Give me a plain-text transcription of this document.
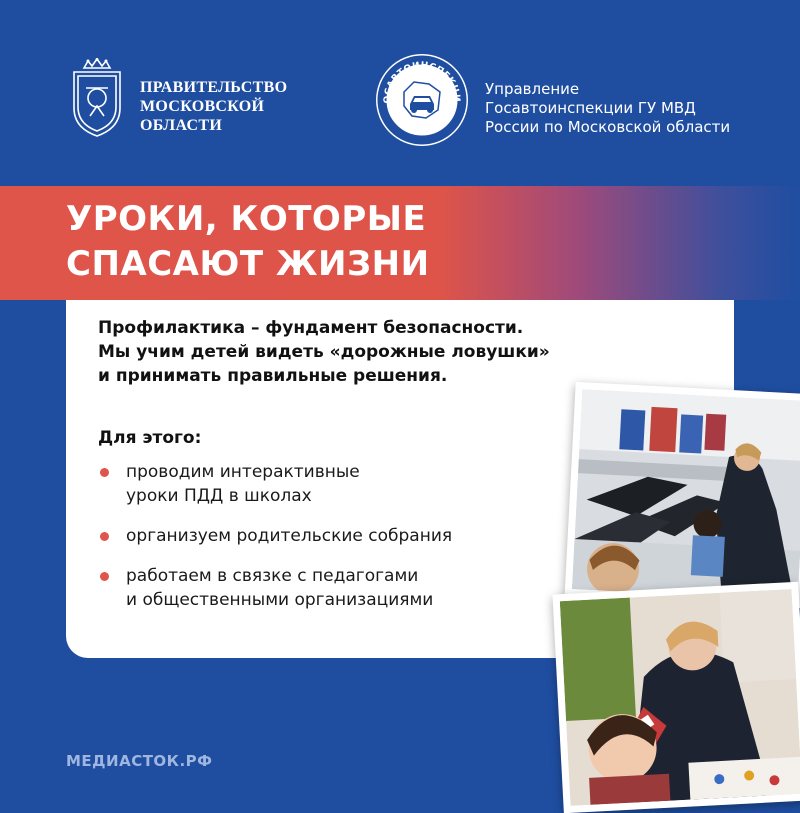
ПРАВИТЕЛЬСТВО
МОСКОВСКОЙ
ОБЛАСТИ
ОСАВТОИНСПЕКЦИ
МОСКОВСКОЙ ОБЛАСТИ
Управление
Госавтоинспекции ГУ МВД
России по Московской области
УРОКИ, КОТОРЫЕ
СПАСАЮТ ЖИЗНИ
Профилактика – фундамент безопасности.
Мы учим детей видеть «дорожные ловушки»
и принимать правильные решения.
Для этого:
проводим интерактивные
уроки ПДД в школах
организуем родительские собрания
работаем в связке с педагогами
и общественными организациями
МЕДИАСТОК.РФ
